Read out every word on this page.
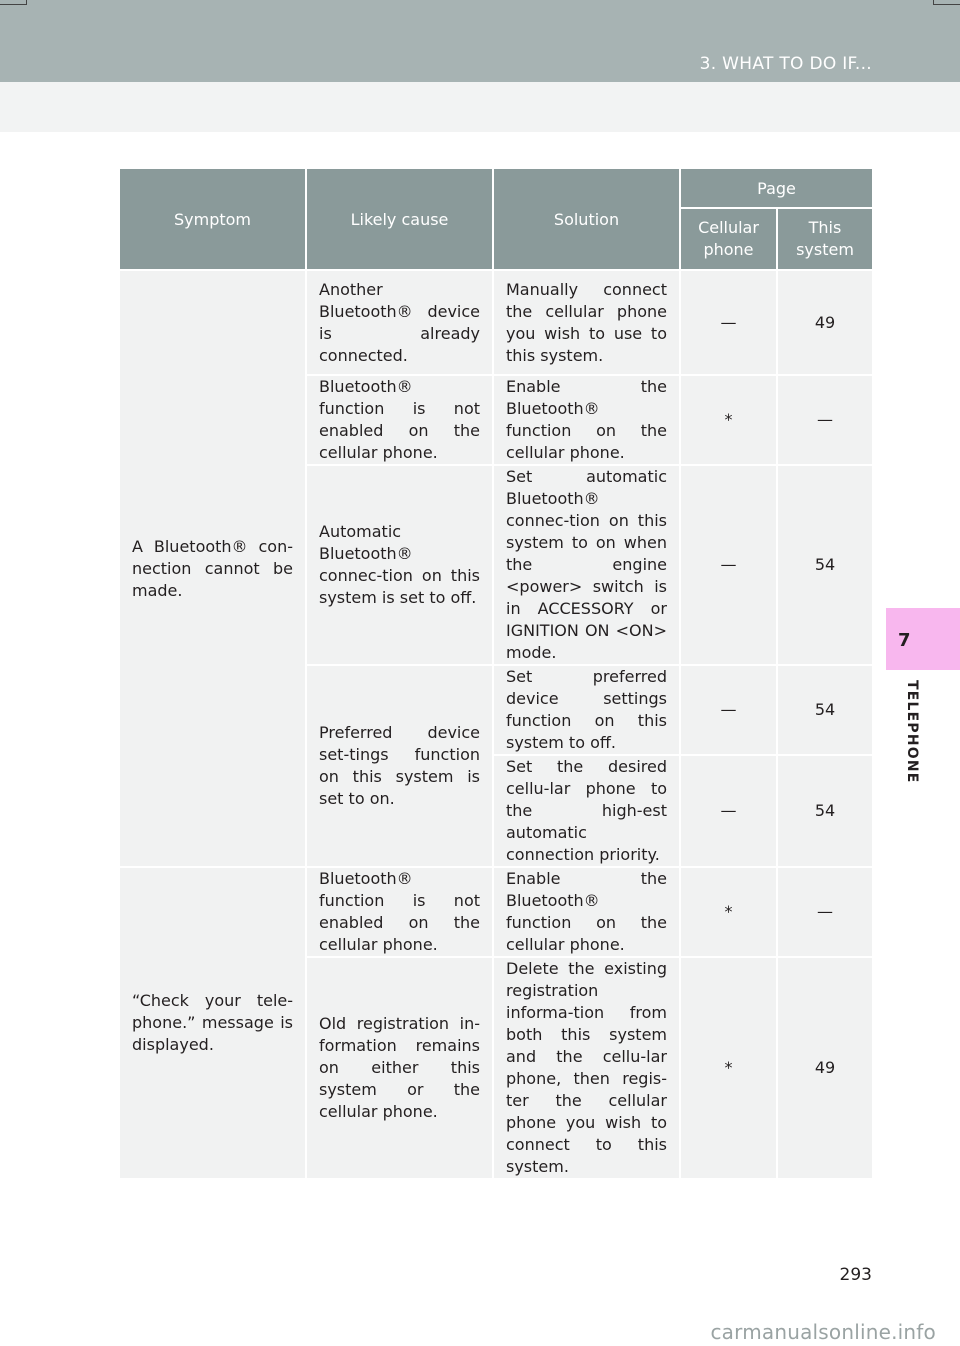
3. WHAT TO DO IF...
7
TELEPHONE
Symptom	Likely cause	Solution	Page	
			Cellular phone	This system
A Bluetooth® con-nection cannot be made.	Another Bluetooth® device is already connected.	Manually connect the cellular phone you wish to use to this system.	—	49
	Bluetooth® function is not enabled on the cellular phone.	Enable the Bluetooth® function on the cellular phone.	*	—
	Automatic Bluetooth® connec-tion on this system is set to off.	Set automatic Bluetooth® connec-tion on this system to on when the engine <power> switch is in ACCESSORY or IGNITION ON <ON> mode.	—	54
	Preferred device set-tings function on this system is set to on.	Set preferred device settings function on this system to off.	—	54
		Set the desired cellu-lar phone to the high-est automatic connection priority.	—	54
“Check your tele-phone.” message is displayed.	Bluetooth® function is not enabled on the cellular phone.	Enable the Bluetooth® function on the cellular phone.	*	—
	Old registration in-formation remains on either this system or the cellular phone.	Delete the existing registration informa-tion from both this system and the cellu-lar phone, then regis-ter the cellular phone you wish to connect to this system.	*	49
293
carmanualsonline.info
